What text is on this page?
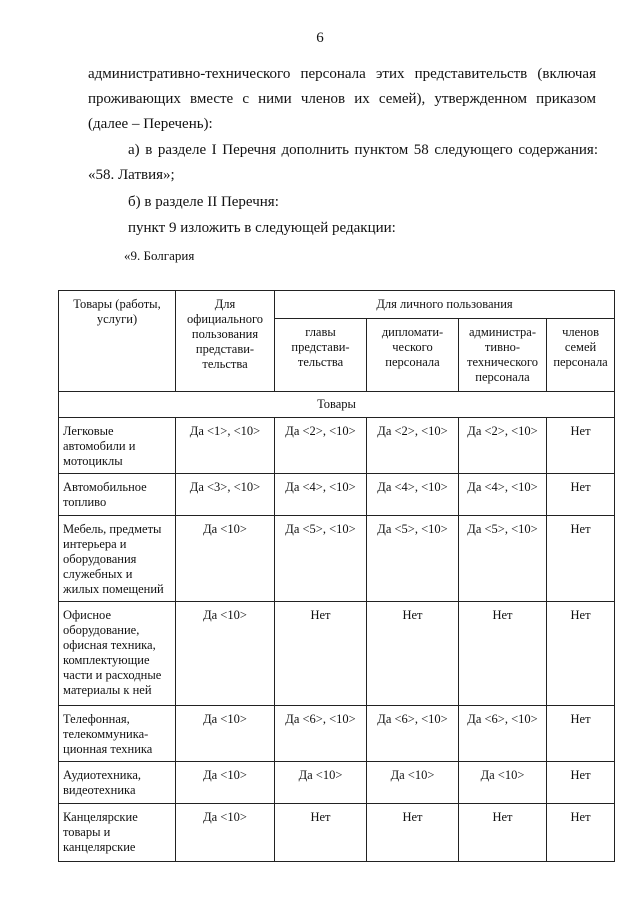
6
административно-технического персонала этих представительств (включая
проживающих вместе с ними членов их семей), утвержденном приказом
(далее – Перечень):
а) в разделе I Перечня дополнить пунктом 58 следующего содержания:
«58. Латвия»;
б) в разделе II Перечня:
пункт 9 изложить в следующей редакции:
«9. Болгария
Товары (работы, услуги)	Для официального пользования представи-тельства	Для личного пользования			
		главы представи-тельства	дипломати-ческого персонала	администра-тивно-технического персонала	членов семей персонала
Товары					
Легковые автомобили и мотоциклы	Да <1>, <10>	Да <2>, <10>	Да <2>, <10>	Да <2>, <10>	Нет
Автомобильное топливо	Да <3>, <10>	Да <4>, <10>	Да <4>, <10>	Да <4>, <10>	Нет
Мебель, предметы интерьера и оборудования служебных и жилых помещений	Да <10>	Да <5>, <10>	Да <5>, <10>	Да <5>, <10>	Нет
Офисное оборудование, офисная техника, комплектующие части и расходные материалы к ней	Да <10>	Нет	Нет	Нет	Нет
Телефонная, телекоммуника-ционная техника	Да <10>	Да <6>, <10>	Да <6>, <10>	Да <6>, <10>	Нет
Аудиотехника, видеотехника	Да <10>	Да <10>	Да <10>	Да <10>	Нет
Канцелярские товары и канцелярские	Да <10>	Нет	Нет	Нет	Нет
